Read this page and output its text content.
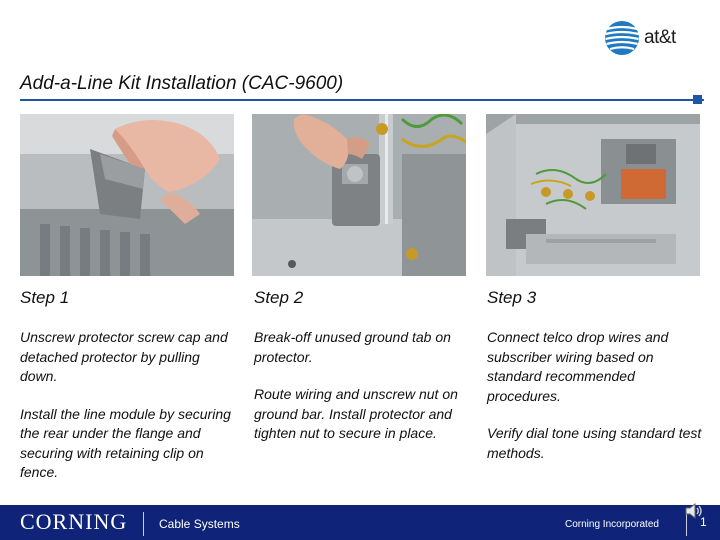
at&t
Add-a-Line Kit Installation (CAC-9600)

Step 1

Unscrew protector screw cap and detached protector by pulling down.

Install the line module by securing the rear under the flange and securing with retaining clip on fence.

Step 2

Break-off unused ground tab on protector.

Route wiring and unscrew nut on ground bar. Install protector and tighten nut to secure in place.

Step 3

Connect telco drop wires and subscriber wiring based on standard recommended procedures.

Verify dial tone using standard test methods.

CORNING	Cable Systems	Corning Incorporated	1
